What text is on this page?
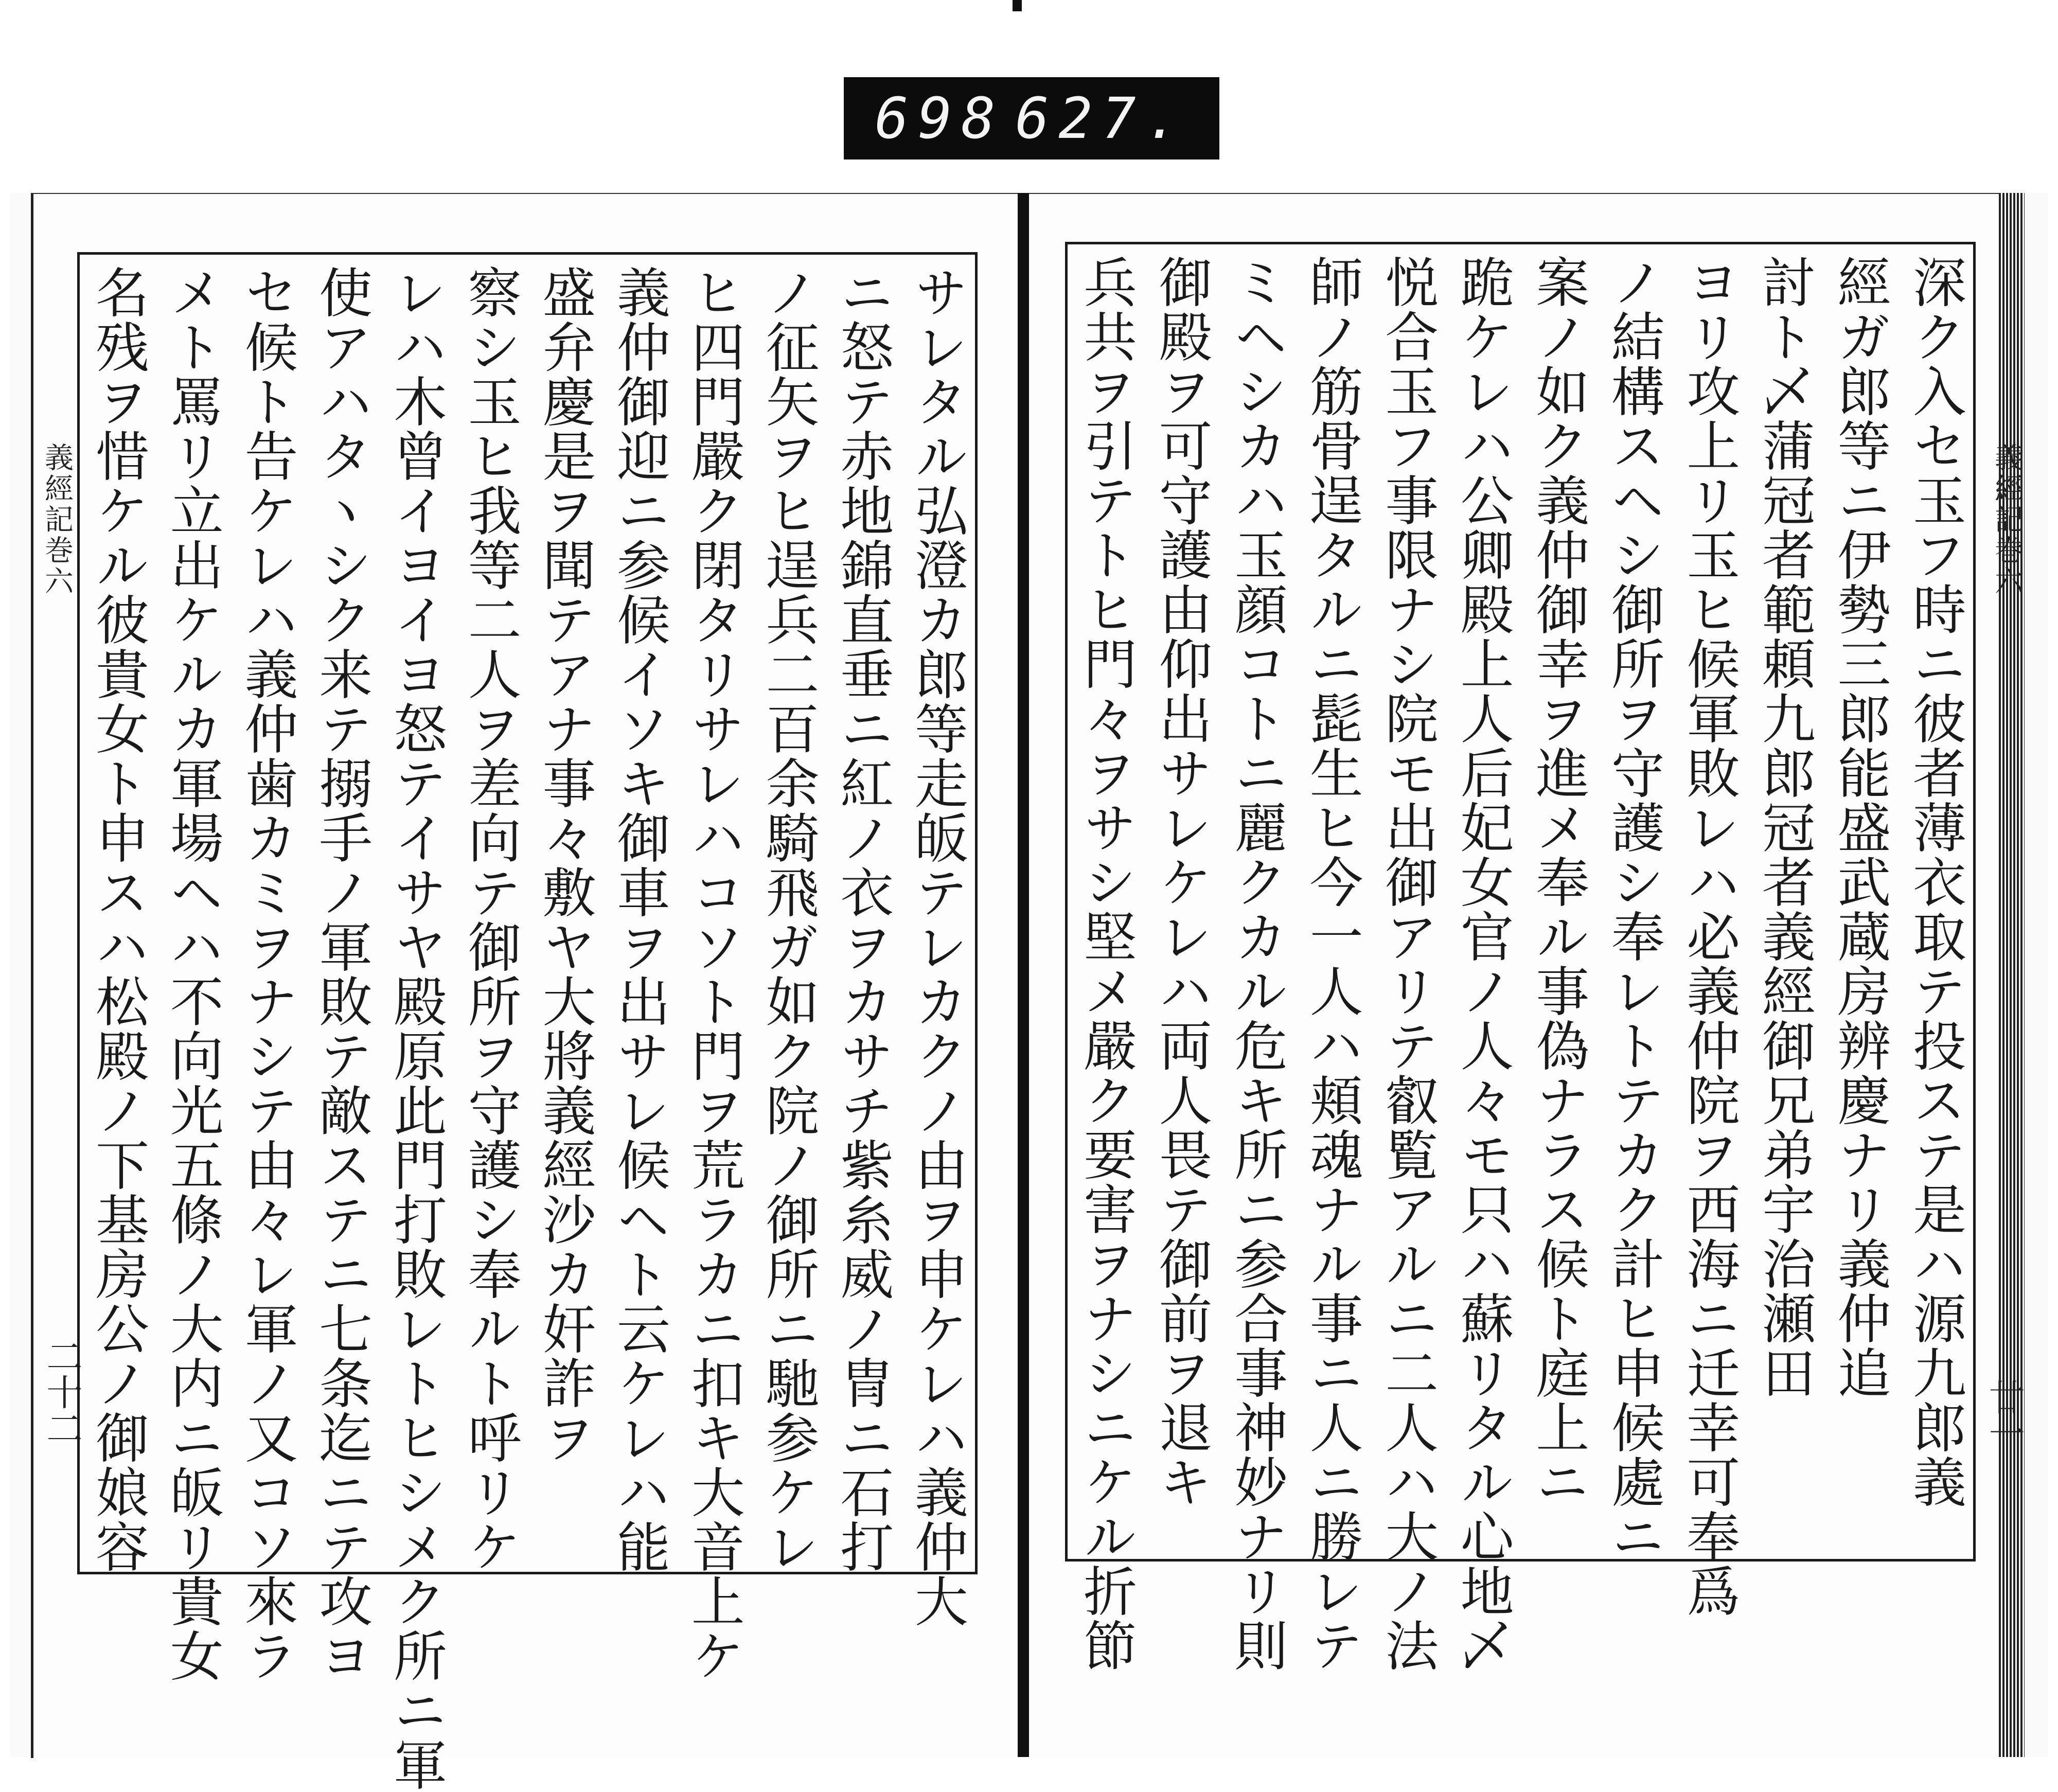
698 627.
義經記巻六	義經記巻六
二十二	廿一
深ク入セ玉フ時ニ彼者薄衣取テ投ステ是ハ源九郎義
經ガ郎等ニ伊勢三郎能盛武蔵房辨慶ナリ義仲追
討ト乄蒲冠者範頼九郎冠者義經御兄弟宇治瀬田
ヨリ攻上リ玉ヒ候軍敗レハ必義仲院ヲ西海ニ迁幸可奉爲
ノ結構スヘシ御所ヲ守護シ奉レトテカク計ヒ申候處ニ
案ノ如ク義仲御幸ヲ進メ奉ル事偽ナラス候ト庭上ニ
跪ケレハ公卿殿上人后妃女官ノ人々モ只ハ蘇リタル心地乄
悦合玉フ事限ナシ院モ出御アリテ叡覧アルニ二人ハ大ノ法
師ノ筋骨逞タルニ髭生ヒ今一人ハ頬魂ナル事ニ人ニ勝レテ
ミヘシカハ玉顔コトニ麗クカル危キ所ニ参合事神妙ナリ則
御殿ヲ可守護由仰出サレケレハ両人畏テ御前ヲ退キ
兵共ヲ引テトヒ門々ヲサシ堅メ嚴ク要害ヲナシニケル折節
サレタル弘澄カ郎等走皈テレカクノ由ヲ申ケレハ義仲大
ニ怒テ赤地錦直垂ニ紅ノ衣ヲカサチ紫糸威ノ冑ニ石打
ノ征矢ヲヒ逞兵二百余騎飛ガ如ク院ノ御所ニ馳参ケレ
ヒ四門嚴ク閉タリサレハコソト門ヲ荒ラカニ扣キ大音上ケ
義仲御迎ニ参候イソキ御車ヲ出サレ候ヘト云ケレハ能
盛弁慶是ヲ聞テアナ事々敷ヤ大將義經沙カ奸詐ヲ
察シ玉ヒ我等二人ヲ差向テ御所ヲ守護シ奉ルト呼リケ
レハ木曾イヨイヨ怒テイサヤ殿原此門打敗レトヒシメク所ニ軍
使アハタヽシク来テ搦手ノ軍敗テ敵ステニ七条迄ニテ攻ヨ
セ候ト告ケレハ義仲歯カミヲナシテ由々レ軍ノ又コソ來ラ
メト罵リ立出ケルカ軍場ヘハ不向光五條ノ大内ニ皈リ貴女
名残ヲ惜ケル彼貴女ト申スハ松殿ノ下基房公ノ御娘容
